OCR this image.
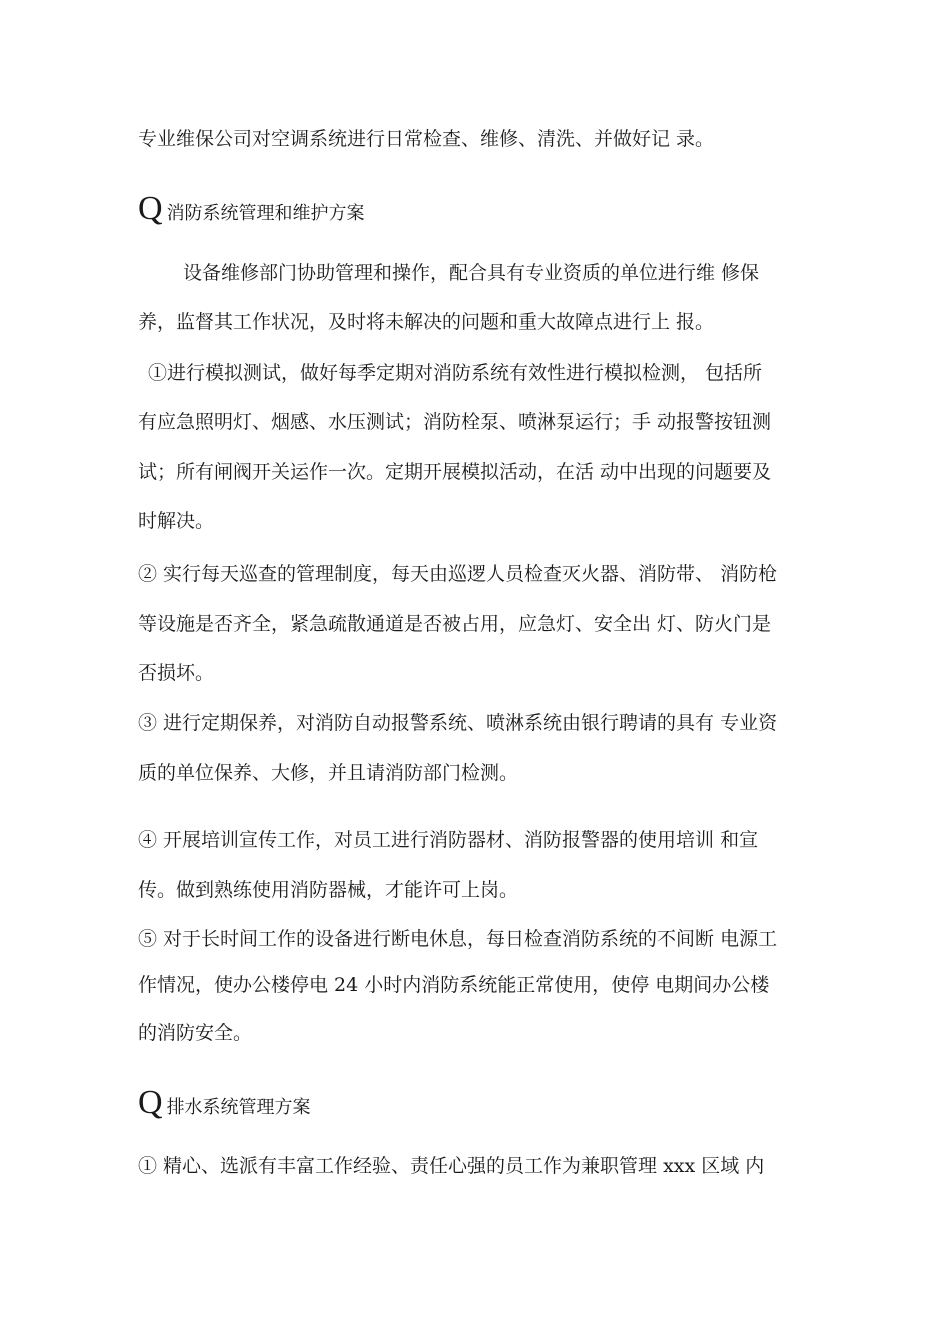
专业维保公司对空调系统进行日常检查、维修、清洗、并做好记 录。
Q 消防系统管理和维护方案
设备维修部门协助管理和操作，配合具有专业资质的单位进行维 修保
养，监督其工作状况，及时将未解决的问题和重大故障点进行上 报。
①进行模拟测试，做好每季定期对消防系统有效性进行模拟检测， 包括所
有应急照明灯、烟感、水压测试；消防栓泵、喷淋泵运行；手 动报警按钮测
试；所有闸阀开关运作一次。定期开展模拟活动，在活 动中出现的问题要及
时解决。
② 实行每天巡查的管理制度，每天由巡逻人员检查灭火器、消防带、 消防枪
等设施是否齐全，紧急疏散通道是否被占用，应急灯、安全出 灯、防火门是
否损坏。
③ 进行定期保养，对消防自动报警系统、喷淋系统由银行聘请的具有 专业资
质的单位保养、大修，并且请消防部门检测。
④ 开展培训宣传工作，对员工进行消防器材、消防报警器的使用培训 和宣
传。做到熟练使用消防器械，才能许可上岗。
⑤ 对于长时间工作的设备进行断电休息，每日检查消防系统的不间断 电源工
作情况，使办公楼停电 24 小时内消防系统能正常使用，使停 电期间办公楼
的消防安全。
Q 排水系统管理方案
① 精心、选派有丰富工作经验、责任心强的员工作为兼职管理 xxx 区域 内
